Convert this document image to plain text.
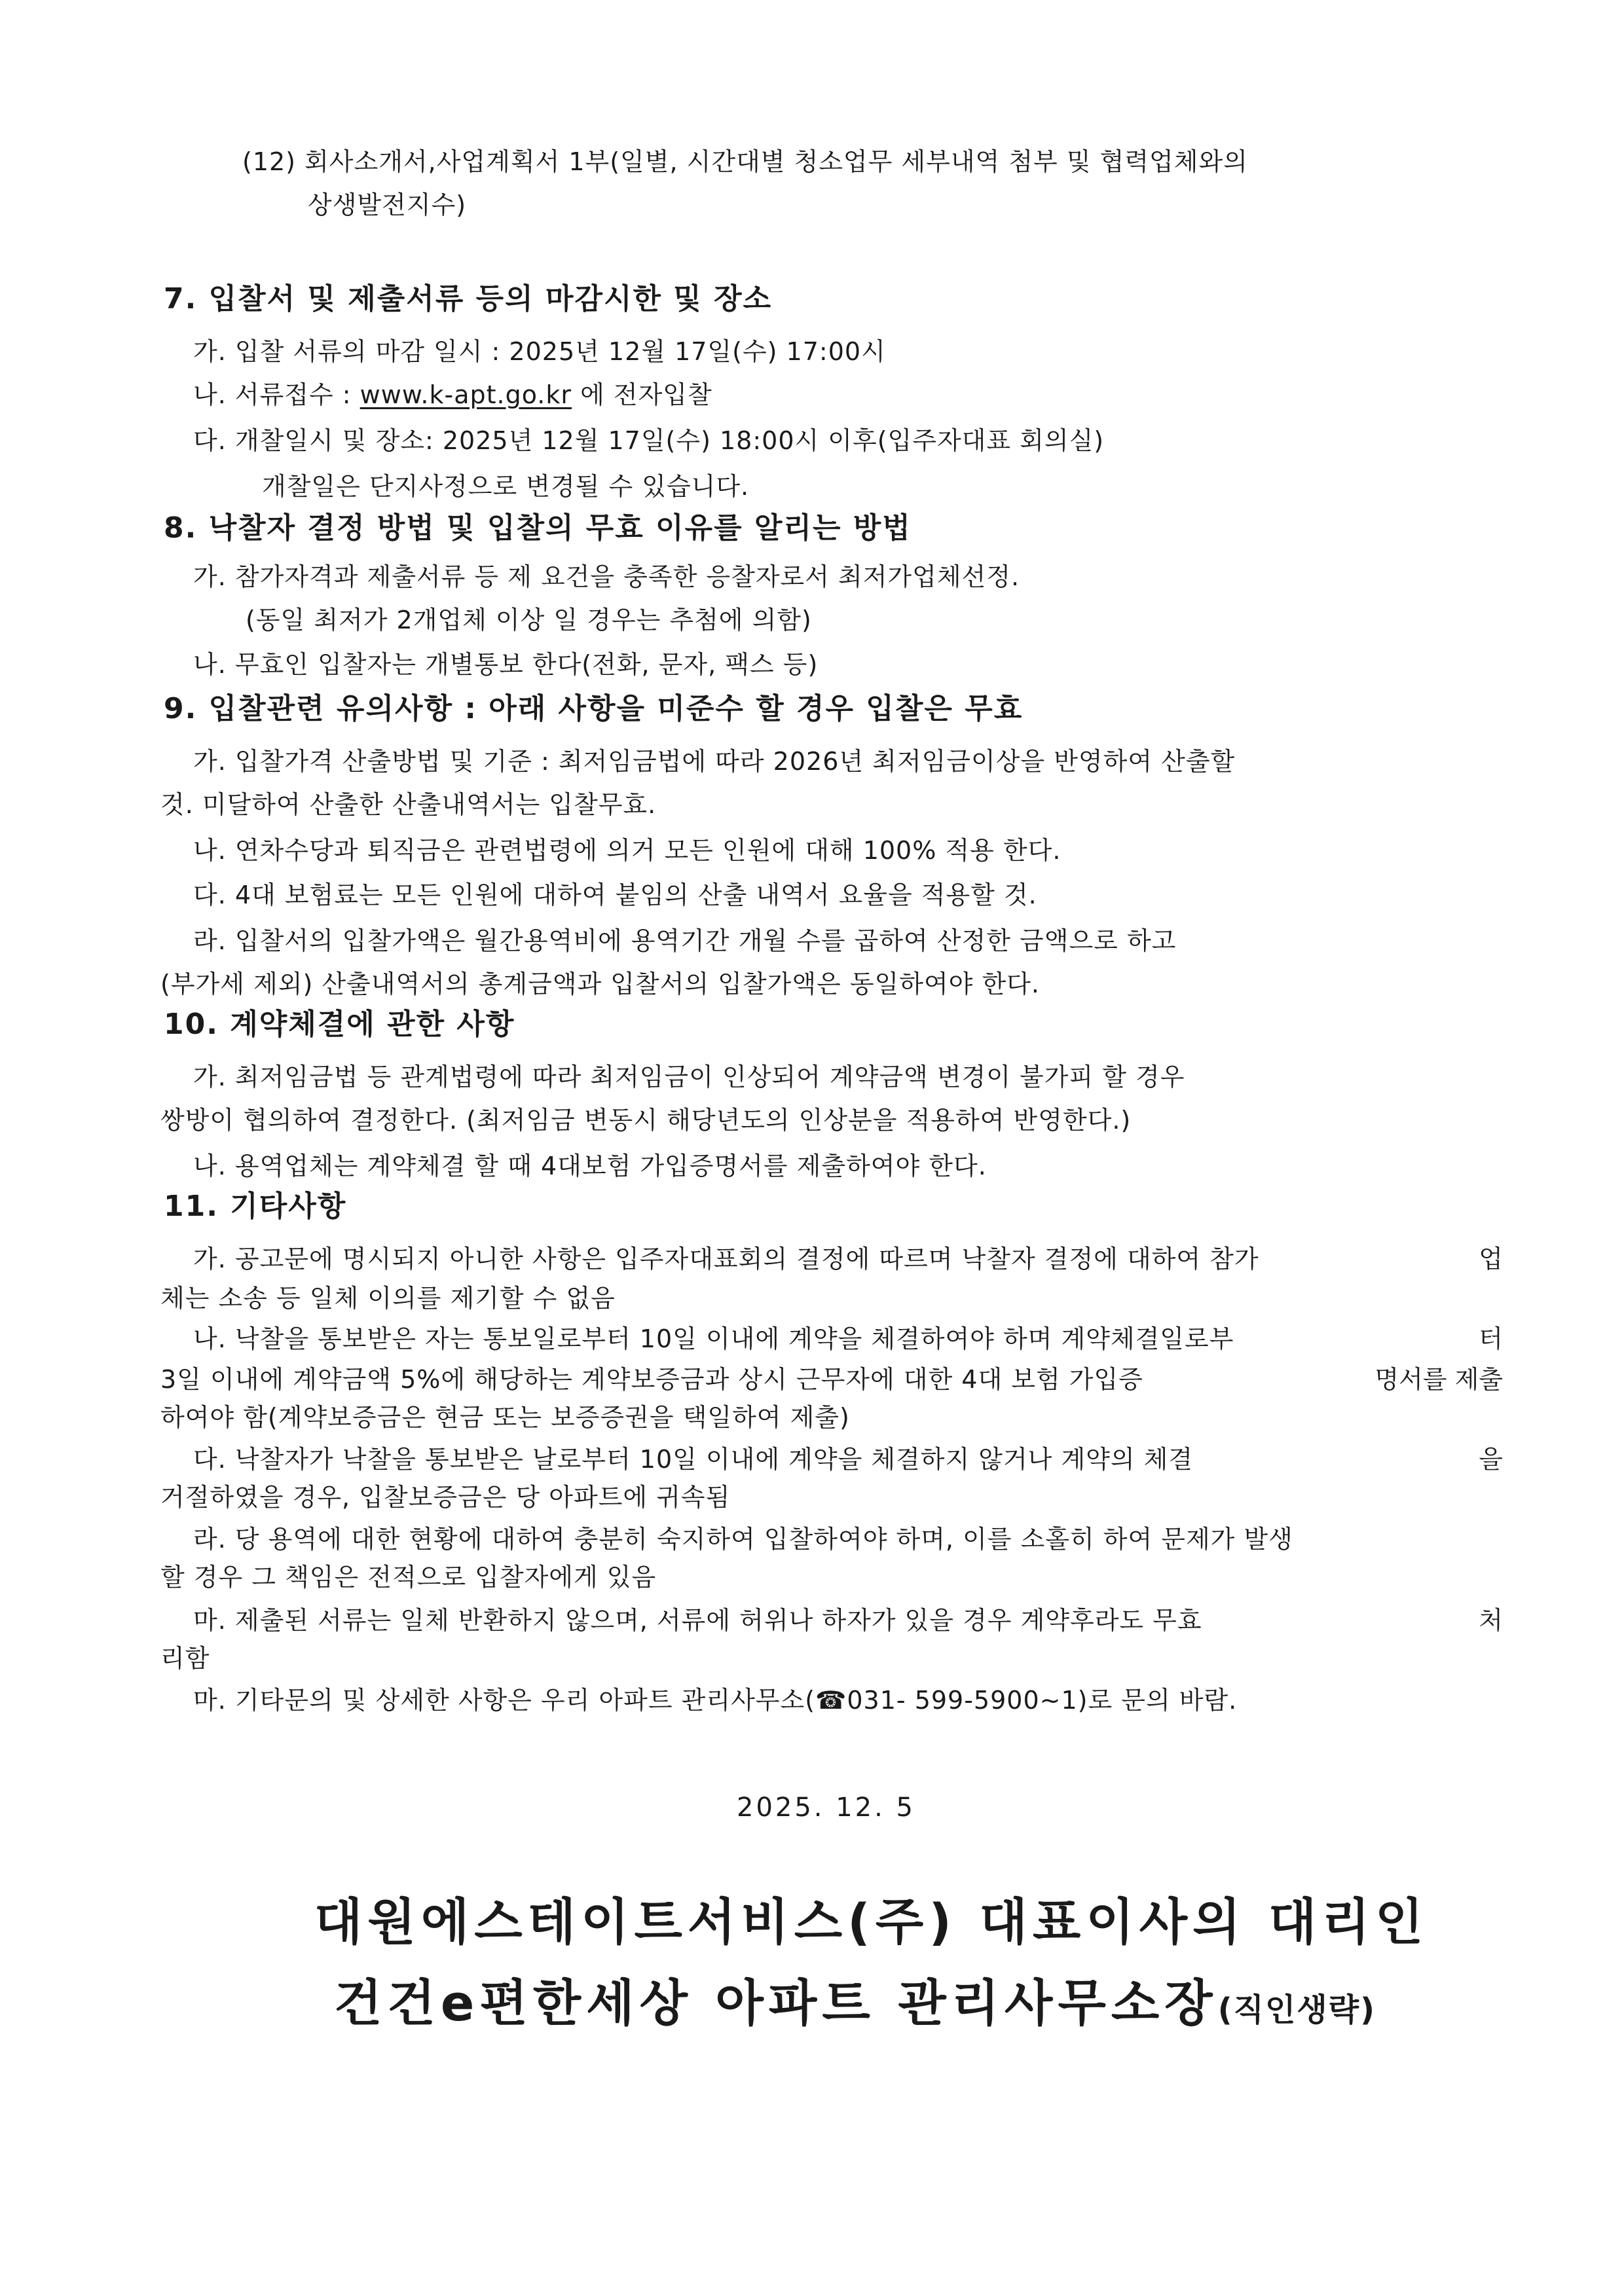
(12) 회사소개서,사업계획서 1부(일별, 시간대별 청소업무 세부내역 첨부 및 협력업체와의
상생발전지수)
7. 입찰서 및 제출서류 등의 마감시한 및 장소
가. 입찰 서류의 마감 일시 : 2025년 12월 17일(수) 17:00시
나. 서류접수 : www.k-apt.go.kr 에 전자입찰
다. 개찰일시 및 장소: 2025년 12월 17일(수) 18:00시 이후(입주자대표 회의실)
개찰일은 단지사정으로 변경될 수 있습니다.
8. 낙찰자 결정 방법 및 입찰의 무효 이유를 알리는 방법
가. 참가자격과 제출서류 등 제 요건을 충족한 응찰자로서 최저가업체선정.
(동일 최저가 2개업체 이상 일 경우는 추첨에 의함)
나. 무효인 입찰자는 개별통보 한다(전화, 문자, 팩스 등)
9. 입찰관련 유의사항 : 아래 사항을 미준수 할 경우 입찰은 무효
가. 입찰가격 산출방법 및 기준 : 최저임금법에 따라 2026년 최저임금이상을 반영하여 산출할
것. 미달하여 산출한 산출내역서는 입찰무효.
나. 연차수당과 퇴직금은 관련법령에 의거 모든 인원에 대해 100% 적용 한다.
다. 4대 보험료는 모든 인원에 대하여 붙임의 산출 내역서 요율을 적용할 것.
라. 입찰서의 입찰가액은 월간용역비에 용역기간 개월 수를 곱하여 산정한 금액으로 하고
(부가세 제외) 산출내역서의 총계금액과 입찰서의 입찰가액은 동일하여야 한다.
10. 계약체결에 관한 사항
가. 최저임금법 등 관계법령에 따라 최저임금이 인상되어 계약금액 변경이 불가피 할 경우
쌍방이 협의하여 결정한다. (최저임금 변동시 해당년도의 인상분을 적용하여 반영한다.)
나. 용역업체는 계약체결 할 때 4대보험 가입증명서를 제출하여야 한다.
11. 기타사항
가. 공고문에 명시되지 아니한 사항은 입주자대표회의 결정에 따르며 낙찰자 결정에 대하여 참가	업
체는 소송 등 일체 이의를 제기할 수 없음
나. 낙찰을 통보받은 자는 통보일로부터 10일 이내에 계약을 체결하여야 하며 계약체결일로부	터
3일 이내에 계약금액 5%에 해당하는 계약보증금과 상시 근무자에 대한 4대 보험 가입증	명서를 제출
하여야 함(계약보증금은 현금 또는 보증증권을 택일하여 제출)
다. 낙찰자가 낙찰을 통보받은 날로부터 10일 이내에 계약을 체결하지 않거나 계약의 체결	을
거절하였을 경우, 입찰보증금은 당 아파트에 귀속됨
라. 당 용역에 대한 현황에 대하여 충분히 숙지하여 입찰하여야 하며, 이를 소홀히 하여 문제가 발생
할 경우 그 책임은 전적으로 입찰자에게 있음
마. 제출된 서류는 일체 반환하지 않으며, 서류에 허위나 하자가 있을 경우 계약후라도 무효	처
리함
마. 기타문의 및 상세한 사항은 우리 아파트 관리사무소(☎031- 599-5900~1)로 문의 바람.
2025. 12. 5
대원에스테이트서비스(주) 대표이사의 대리인
건건e편한세상 아파트 관리사무소장(직인생략)
